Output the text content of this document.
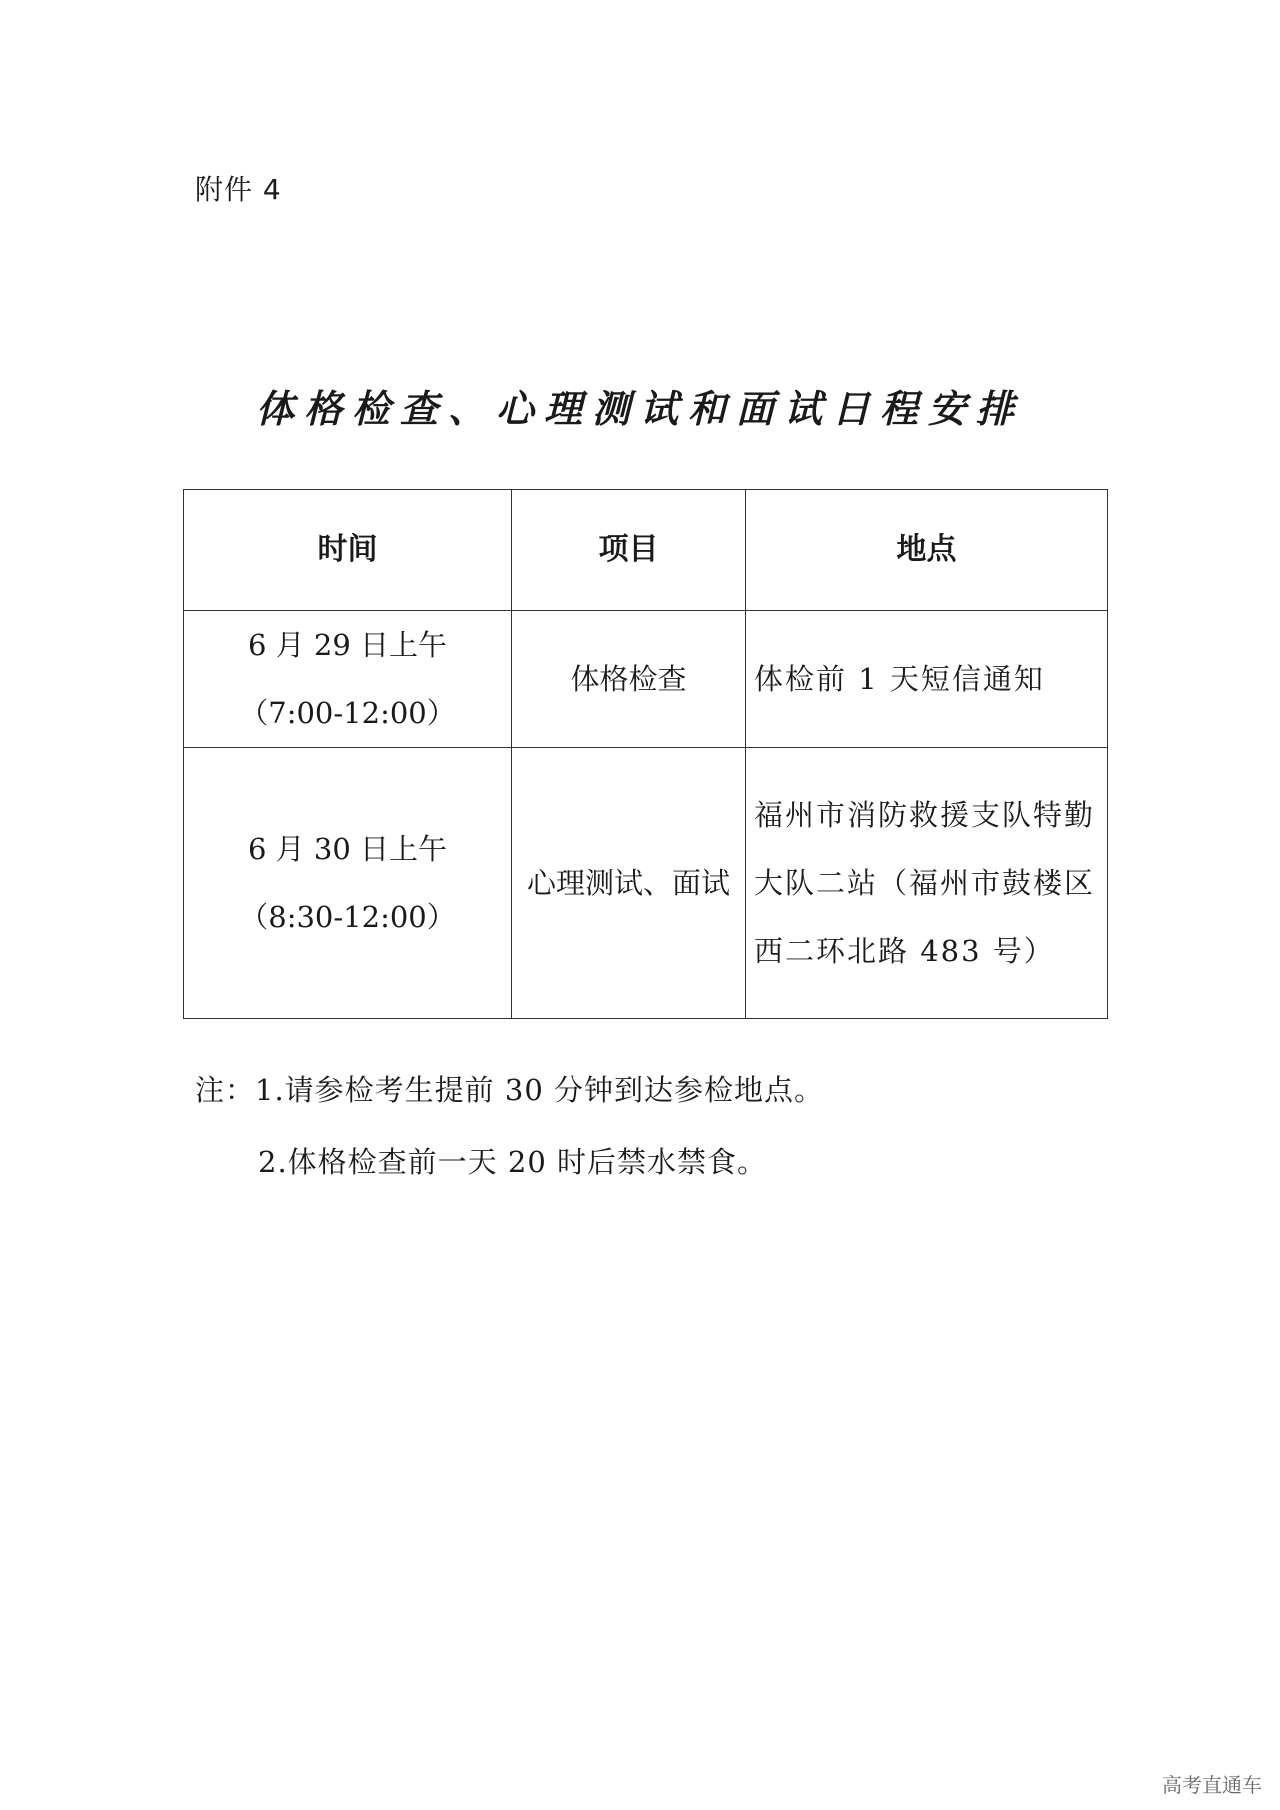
附件 4
体格检查、心理测试和面试日程安排
时间	项目	地点

6 月 29 日上午
（7:00-12:00）	体格检查	体检前 1 天短信通知

6 月 30 日上午
（8:30-12:00）	心理测试、面试	福州市消防救援支队特勤大队二站（福州市鼓楼区西二环北路 483 号）
注：1.请参检考生提前 30 分钟到达参检地点。
2.体格检查前一天 20 时后禁水禁食。
高考直通车
